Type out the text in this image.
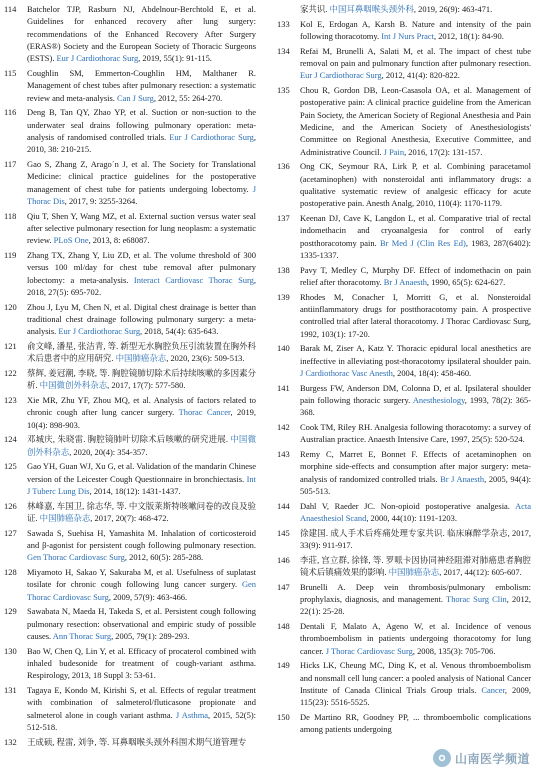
114	Batchelor TJP, Rasburn NJ, Abdelnour-Berchtold E, et al. Guidelines for enhanced recovery after lung surgery: recommendations of the Enhanced Recovery After Surgery (ERAS®) Society and the European Society of Thoracic Surgeons (ESTS). Eur J Cardiothorac Surg, 2019, 55(1): 91-115.
115	Coughlin SM, Emmerton-Coughlin HM, Malthaner R. Management of chest tubes after pulmonary resection: a systematic review and meta-analysis. Can J Surg, 2012, 55: 264-270.
116	Deng B, Tan QY, Zhao YP, et al. Suction or non-suction to the underwater seal drains following pulmonary operation: meta-analysis of randomised controlled trials. Eur J Cardiothorac Surg, 2010, 38: 210-215.
117	Gao S, Zhang Z, Arago´n J, et al. The Society for Translational Medicine: clinical practice guidelines for the postoperative management of chest tube for patients undergoing lobectomy. J Thorac Dis, 2017, 9: 3255-3264.
118	Qiu T, Shen Y, Wang MZ, et al. External suction versus water seal after selective pulmonary resection for lung neoplasm: a systematic review. PLoS One, 2013, 8: e68087.
119	Zhang TX, Zhang Y, Liu ZD, et al. The volume threshold of 300 versus 100 ml/day for chest tube removal after pulmonary lobectomy: a meta-analysis. Interact Cardiovasc Thorac Surg, 2018, 27(5): 695-702.
120	Zhou J, Lyu M, Chen N, et al. Digital chest drainage is better than traditional chest drainage following pulmonary surgery: a meta-analysis. Eur J Cardiothorac Surg, 2018, 54(4): 635-643.
121	俞文峰, 潘星, 张洁青, 等. 新型无水胸腔负压引流装置在胸外科术后患者中的应用研究. 中国肺癌杂志, 2020, 23(6): 509-513.
122	蔡辉, 姜冠潮, 李晓, 等. 胸腔镜肺切除术后持续咳嗽的多因素分析. 中国微创外科杂志, 2017, 17(7): 577-580.
123	Xie MR, Zhu YF, Zhou MQ, et al. Analysis of factors related to chronic cough after lung cancer surgery. Thorac Cancer, 2019, 10(4): 898-903.
124	邓城庆, 朱晓雷. 胸腔镜肺叶切除术后咳嗽的研究进展. 中国微创外科杂志, 2020, 20(4): 354-357.
125	Gao YH, Guan WJ, Xu G, et al. Validation of the mandarin Chinese version of the Leicester Cough Questionnaire in bronchiectasis. Int J Tuberc Lung Dis, 2014, 18(12): 1431-1437.
126	林峰嘉, 车国卫, 徐志华, 等. 中文版莱斯特咳嗽问卷的改良及验证. 中国肺癌杂志, 2017, 20(7): 468-472.
127	Sawada S, Suehisa H, Yamashita M. Inhalation of corticosteroid and β-agonist for persistent cough following pulmonary resection. Gen Thorac Cardiovasc Surg, 2012, 60(5): 285-288.
128	Miyamoto H, Sakao Y, Sakuraba M, et al. Usefulness of suplatast tosilate for chronic cough following lung cancer surgery. Gen Thorac Cardiovasc Surg, 2009, 57(9): 463-466.
129	Sawabata N, Maeda H, Takeda S, et al. Persistent cough following pulmonary resection: observational and empiric study of possible causes. Ann Thorac Surg, 2005, 79(1): 289-293.
130	Bao W, Chen Q, Lin Y, et al. Efficacy of procaterol combined with inhaled budesonide for treatment of cough-variant asthma. Respirology, 2013, 18 Suppl 3: 53-61.
131	Tagaya E, Kondo M, Kirishi S, et al. Effects of regular treatment with combination of salmeterol/fluticasone propionate and salmeterol alone in cough variant asthma. J Asthma, 2015, 52(5): 512-518.
132	王成硕, 程雷, 刘争, 等. 耳鼻咽喉头颈外科围术期气道管理专
家共识. 中国耳鼻咽喉头颈外科, 2019, 26(9): 463-471.
133	Kol E, Erdogan A, Karsh B. Nature and intensity of the pain following thoracotomy. Int J Nurs Pract, 2012, 18(1): 84-90.
134	Refai M, Brunelli A, Salati M, et al. The impact of chest tube removal on pain and pulmonary function after pulmonary resection. Eur J Cardiothorac Surg, 2012, 41(4): 820-822.
135	Chou R, Gordon DB, Leon-Casasola OA, et al. Management of postoperative pain: A clinical practice guideline from the American Pain Society, the American Society of Regional Anesthesia and Pain Medicine, and the American Society of Anesthesiologists' Committee on Regional Anesthesia, Executive Committee, and Administrative Council. J Pain, 2016, 17(2): 131-157.
136	Ong CK, Seymour RA, Lirk P, et al. Combining paracetamol (acetaminophen) with nonsteroidal anti inflammatory drugs: a qualitative systematic review of analgesic efficacy for acute postoperative pain. Anesth Analg, 2010, 110(4): 1170-1179.
137	Keenan DJ, Cave K, Langdon L, et al. Comparative trial of rectal indomethacin and cryoanalgesia for control of early postthoracotomy pain. Br Med J (Clin Res Ed), 1983, 287(6402): 1335-1337.
138	Pavy T, Medley C, Murphy DF. Effect of indomethacin on pain relief after thoracotomy. Br J Anaesth, 1990, 65(5): 624-627.
139	Rhodes M, Conacher I, Morritt G, et al. Nonsteroidal antiinflammatory drugs for postthoracotomy pain. A prospective controlled trial after lateral thoracotomy. J Thorac Cardiovasc Surg, 1992, 103(1): 17-20.
140	Barak M, Ziser A, Katz Y. Thoracic epidural local anesthetics are ineffective in alleviating post-thoracotomy ipsilateral shoulder pain. J Cardiothorac Vasc Anesth, 2004, 18(4): 458-460.
141	Burgess FW, Anderson DM, Colonna D, et al. Ipsilateral shoulder pain following thoracic surgery. Anesthesiology, 1993, 78(2): 365-368.
142	Cook TM, Riley RH. Analgesia following thoracotomy: a survey of Australian practice. Anaesth Intensive Care, 1997, 25(5): 520-524.
143	Remy C, Marret E, Bonnet F. Effects of acetaminophen on morphine side-effects and consumption after major surgery: meta-analysis of randomized controlled trials. Br J Anaesth, 2005, 94(4): 505-513.
144	Dahl V, Raeder JC. Non-opioid postoperative analgesia. Acta Anaesthesiol Scand, 2000, 44(10): 1191-1203.
145	徐建国. 成人手术后疼痛处理专家共识. 临床麻醉学杂志, 2017, 33(9): 911-917.
146	李莊, 宫立群, 徐锋, 等. 罗哌卡因协同神经阻滞对肺癌患者胸腔镜术后镇痛效果的影响. 中国肺癌杂志, 2017, 44(12): 605-607.
147	Brunelli A. Deep vein thrombosis/pulmonary embolism: prophylaxis, diagnosis, and management. Thorac Surg Clin, 2012, 22(1): 25-28.
148	Dentali F, Malato A, Ageno W, et al. Incidence of venous thromboembolism in patients undergoing thoracotomy for lung cancer. J Thorac Cardiovasc Surg, 2008, 135(3): 705-706.
149	Hicks LK, Cheung MC, Ding K, et al. Venous thromboembolism and nonsmall cell lung cancer: a pooled analysis of National Cancer Institute of Canada Clinical Trials Group trials. Cancer, 2009, 115(23): 5516-5525.
150	De Martino RR, Goodney PP, ... thromboembolic complications among patients undergoing
山南医学频道
